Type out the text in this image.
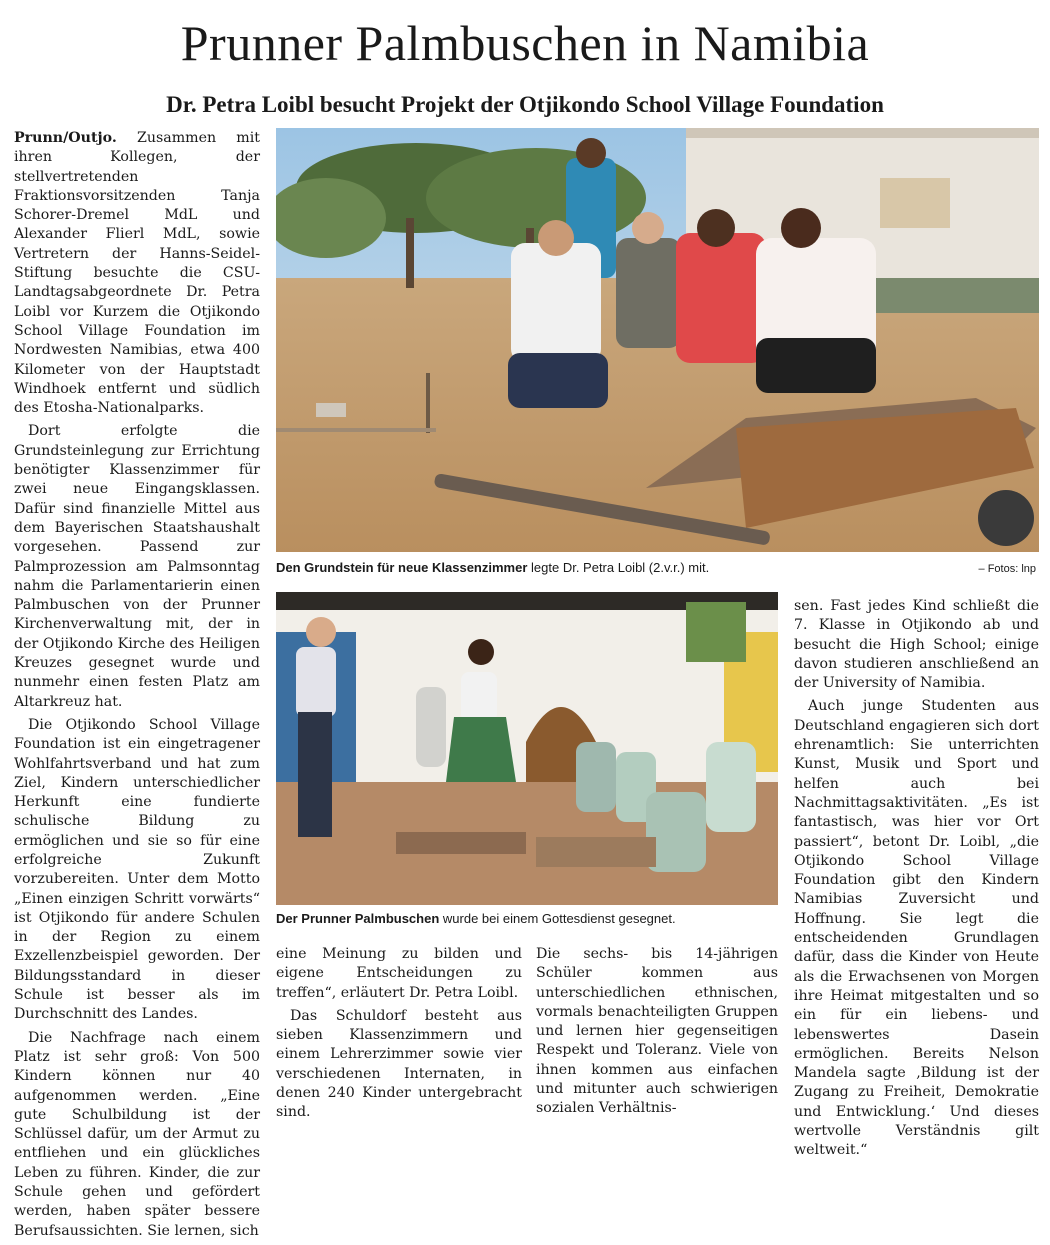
Prunner Palmbuschen in Namibia
Dr. Petra Loibl besucht Projekt der Otjikondo School Village Foundation

Prunn/Outjo. Zusammen mit ihren Kollegen, der stellvertretenden Fraktionsvorsitzenden Tanja Schorer-Dremel MdL und Alexander Flierl MdL, sowie Vertretern der Hanns-Seidel-Stiftung besuchte die CSU-Landtagsabgeordnete Dr. Petra Loibl vor Kurzem die Otjikondo School Village Foundation im Nordwesten Namibias, etwa 400 Kilometer von der Hauptstadt Windhoek entfernt und südlich des Etosha-Nationalparks.

Dort erfolgte die Grundsteinlegung zur Errichtung benötigter Klassenzimmer für zwei neue Eingangsklassen. Dafür sind finanzielle Mittel aus dem Bayerischen Staatshaushalt vorgesehen. Passend zur Palmprozession am Palmsonntag nahm die Parlamentarierin einen Palmbuschen von der Prunner Kirchenverwaltung mit, der in der Otjikondo Kirche des Heiligen Kreuzes gesegnet wurde und nunmehr einen festen Platz am Altarkreuz hat.

Die Otjikondo School Village Foundation ist ein eingetragener Wohlfahrtsverband und hat zum Ziel, Kindern unterschiedlicher Herkunft eine fundierte schulische Bildung zu ermöglichen und sie so für eine erfolgreiche Zukunft vorzubereiten. Unter dem Motto „Einen einzigen Schritt vorwärts“ ist Otjikondo für andere Schulen in der Region zu einem Exzellenzbeispiel geworden. Der Bildungsstandard in dieser Schule ist besser als im Durchschnitt des Landes.

Die Nachfrage nach einem Platz ist sehr groß: Von 500 Kindern können nur 40 aufgenommen werden. „Eine gute Schulbildung ist der Schlüssel dafür, um der Armut zu entfliehen und ein glückliches Leben zu führen. Kinder, die zur Schule gehen und gefördert werden, haben später bessere Berufsaussichten. Sie lernen, sich

Den Grundstein für neue Klassenzimmer legte Dr. Petra Loibl (2.v.r.) mit.	– Fotos: lnp
Der Prunner Palmbuschen wurde bei einem Gottesdienst gesegnet.

eine Meinung zu bilden und eigene Entscheidungen zu treffen“, erläutert Dr. Petra Loibl.

Das Schuldorf besteht aus sieben Klassenzimmern und einem Lehrerzimmer sowie vier verschiedenen Internaten, in denen 240 Kinder untergebracht sind.

Die sechs- bis 14-jährigen Schüler kommen aus unterschiedlichen ethnischen, vormals benachteiligten Gruppen und lernen hier gegenseitigen Respekt und Toleranz. Viele von ihnen kommen aus einfachen und mitunter auch schwierigen sozialen Verhältnis-

sen. Fast jedes Kind schließt die 7. Klasse in Otjikondo ab und besucht die High School; einige davon studieren anschließend an der University of Namibia.

Auch junge Studenten aus Deutschland engagieren sich dort ehrenamtlich: Sie unterrichten Kunst, Musik und Sport und helfen auch bei Nachmittagsaktivitäten. „Es ist fantastisch, was hier vor Ort passiert“, betont Dr. Loibl, „die Otjikondo School Village Foundation gibt den Kindern Namibias Zuversicht und Hoffnung. Sie legt die entscheidenden Grundlagen dafür, dass die Kinder von Heute als die Erwachsenen von Morgen ihre Heimat mitgestalten und so ein für ein liebens- und lebenswertes Dasein ermöglichen. Bereits Nelson Mandela sagte ‚Bildung ist der Zugang zu Freiheit, Demokratie und Entwicklung.‘ Und dieses wertvolle Verständnis gilt weltweit.“
